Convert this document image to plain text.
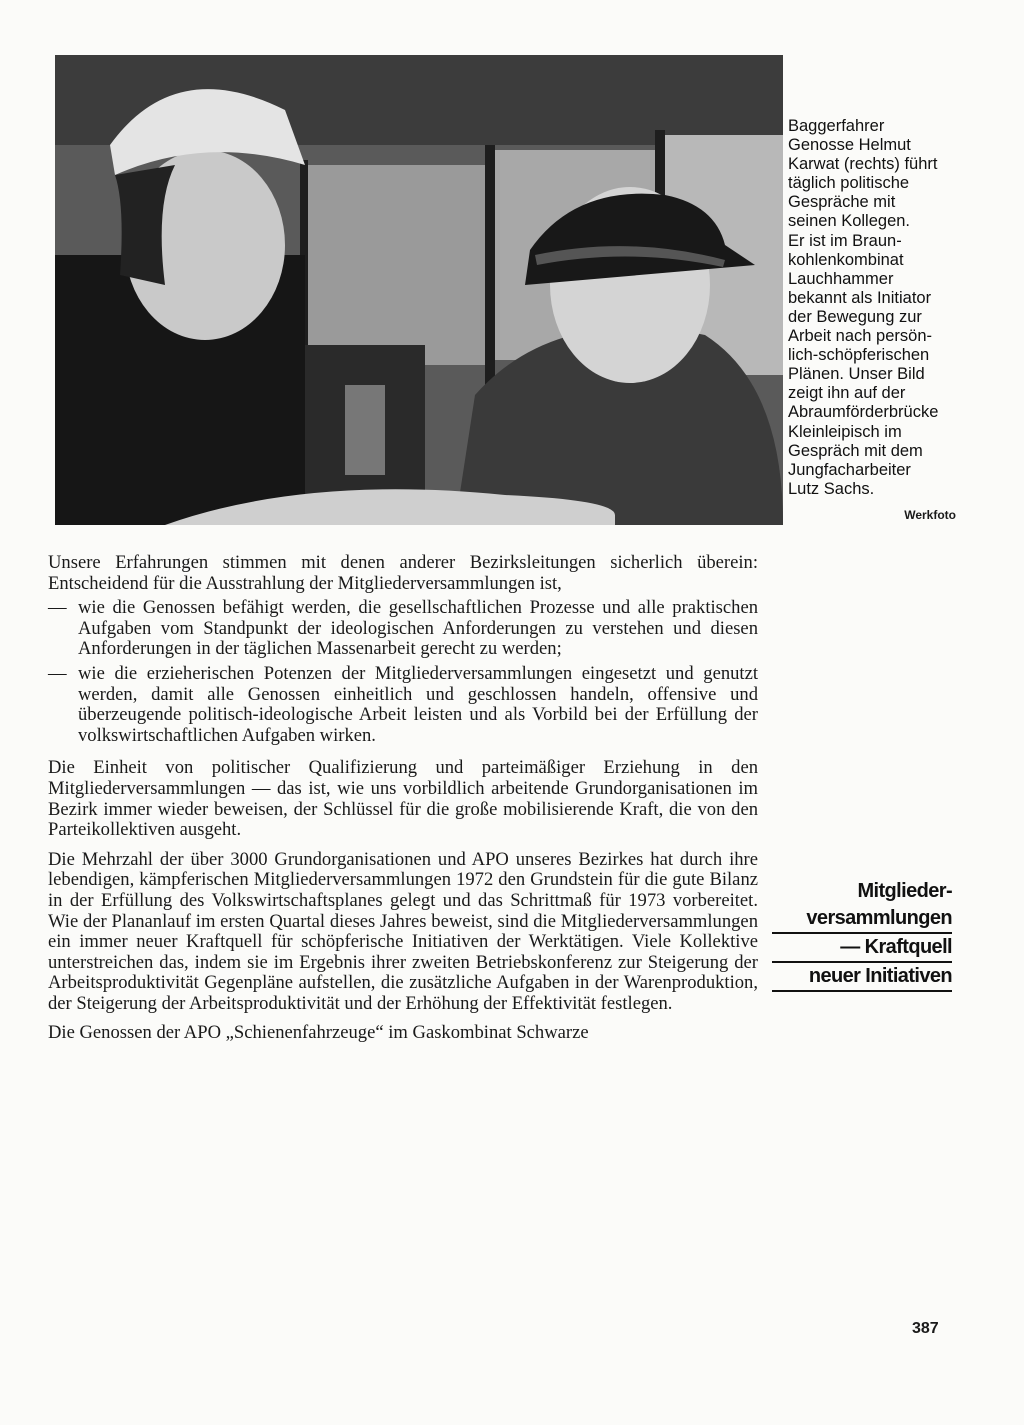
Baggerfahrer

Genosse Helmut

Karwat (rechts) führt

täglich politische

Gespräche mit

seinen Kollegen.

Er ist im Braun-

kohlenkombinat

Lauchhammer

bekannt als Initiator

der Bewegung zur

Arbeit nach persön-

lich-schöpferischen

Plänen. Unser Bild

zeigt ihn auf der

Abraumförderbrücke

Kleinleipisch im

Gespräch mit dem

Jungfacharbeiter

Lutz Sachs.

Werkfoto

Unsere Erfahrungen stimmen mit denen anderer Bezirksleitungen sicherlich überein: Entscheidend für die Ausstrahlung der Mitgliederversammlungen ist,

— wie die Genossen befähigt werden, die gesellschaftlichen Prozesse und alle praktischen Aufgaben vom Standpunkt der ideologischen Anforderungen zu verstehen und diesen Anforderungen in der täglichen Massenarbeit gerecht zu werden;

— wie die erzieherischen Potenzen der Mitgliederversammlungen eingesetzt und genutzt werden, damit alle Genossen einheitlich und geschlossen handeln, offensive und überzeugende politisch-ideologische Arbeit leisten und als Vorbild bei der Erfüllung der volkswirtschaftlichen Aufgaben wirken.

Die Einheit von politischer Qualifizierung und parteimäßiger Erziehung in den Mitgliederversammlungen — das ist, wie uns vorbildlich arbeitende Grundorganisationen im Bezirk immer wieder beweisen, der Schlüssel für die große mobilisierende Kraft, die von den Parteikollektiven ausgeht.

Die Mehrzahl der über 3000 Grundorganisationen und APO unseres Bezirkes hat durch ihre lebendigen, kämpferischen Mitgliederversammlungen 1972 den Grundstein für die gute Bilanz in der Erfüllung des Volkswirtschaftsplanes gelegt und das Schrittmaß für 1973 vorbereitet. Wie der Plananlauf im ersten Quartal dieses Jahres beweist, sind die Mitgliederversammlungen ein immer neuer Kraftquell für schöpferische Initiativen der Werktätigen. Viele Kollektive unterstreichen das, indem sie im Ergebnis ihrer zweiten Betriebskonferenz zur Steigerung der Arbeitsproduktivität Gegenpläne aufstellen, die zusätzliche Aufgaben in der Warenproduktion, der Steigerung der Arbeitsproduktivität und der Erhöhung der Effektivität festlegen.

Die Genossen der APO „Schienenfahrzeuge“ im Gaskombinat Schwarze

Mitglieder-
versammlungen
— Kraftquell
neuer Initiativen
387
